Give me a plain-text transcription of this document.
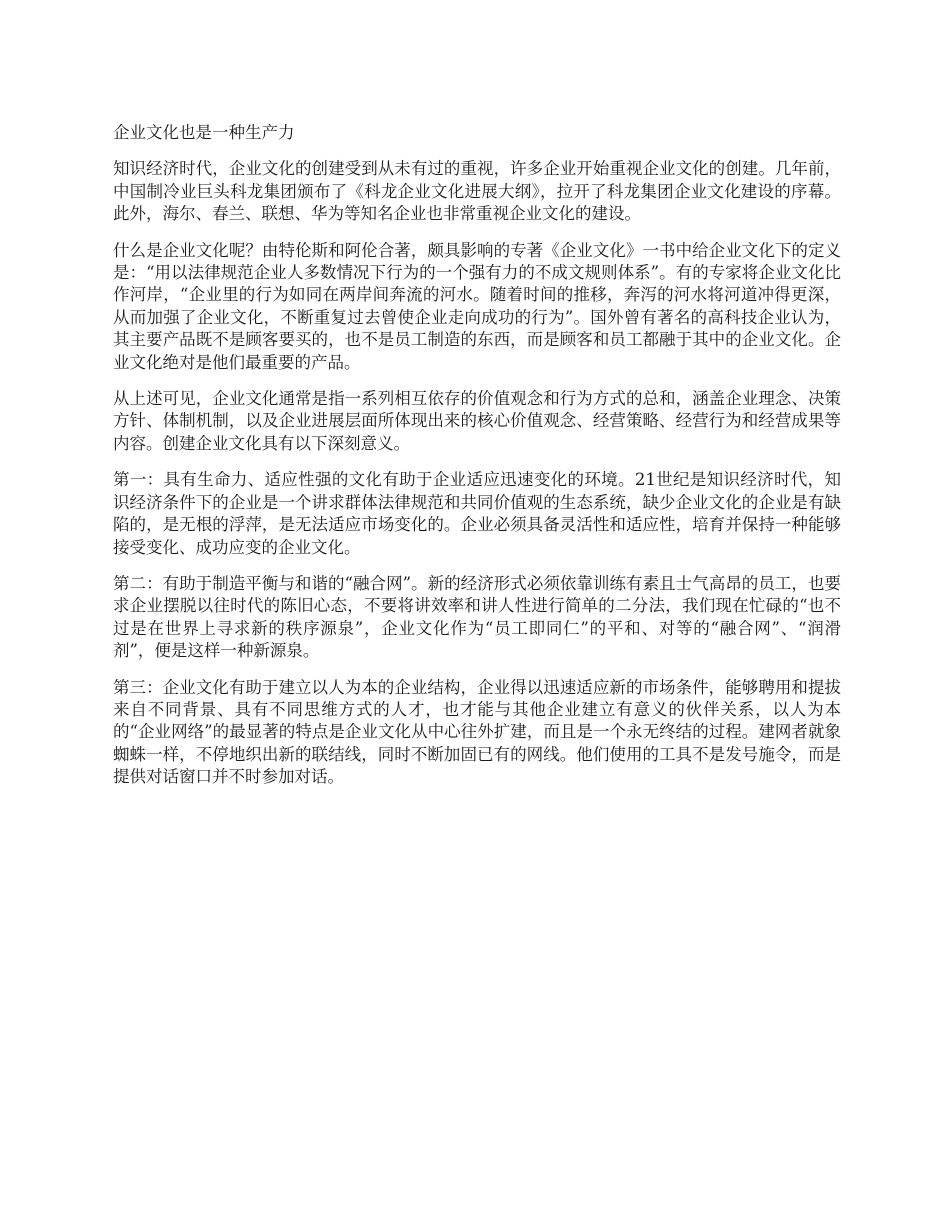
企业文化也是一种生产力

知识经济时代，企业文化的创建受到从未有过的重视，许多企业开始重视企业文化的创建。几年前，中国制冷业巨头科龙集团颁布了《科龙企业文化进展大纲》，拉开了科龙集团企业文化建设的序幕。此外，海尔、春兰、联想、华为等知名企业也非常重视企业文化的建设。

什么是企业文化呢？由特伦斯和阿伦合著，颇具影响的专著《企业文化》一书中给企业文化下的定义是：“用以法律规范企业人多数情况下行为的一个强有力的不成文规则体系”。有的专家将企业文化比作河岸，“企业里的行为如同在两岸间奔流的河水。随着时间的推移，奔泻的河水将河道冲得更深，从而加强了企业文化，不断重复过去曾使企业走向成功的行为”。国外曾有著名的高科技企业认为，其主要产品既不是顾客要买的，也不是员工制造的东西，而是顾客和员工都融于其中的企业文化。企业文化绝对是他们最重要的产品。

从上述可见，企业文化通常是指一系列相互依存的价值观念和行为方式的总和，涵盖企业理念、决策方针、体制机制，以及企业进展层面所体现出来的核心价值观念、经营策略、经营行为和经营成果等内容。创建企业文化具有以下深刻意义。

第一：具有生命力、适应性强的文化有助于企业适应迅速变化的环境。21世纪是知识经济时代，知识经济条件下的企业是一个讲求群体法律规范和共同价值观的生态系统，缺少企业文化的企业是有缺陷的，是无根的浮萍，是无法适应市场变化的。企业必须具备灵活性和适应性，培育并保持一种能够接受变化、成功应变的企业文化。

第二：有助于制造平衡与和谐的“融合网”。新的经济形式必须依靠训练有素且士气高昂的员工，也要求企业摆脱以往时代的陈旧心态，不要将讲效率和讲人性进行简单的二分法，我们现在忙碌的“也不过是在世界上寻求新的秩序源泉”，企业文化作为“员工即同仁”的平和、对等的“融合网”、“润滑剂”，便是这样一种新源泉。

第三：企业文化有助于建立以人为本的企业结构，企业得以迅速适应新的市场条件，能够聘用和提拔来自不同背景、具有不同思维方式的人才，也才能与其他企业建立有意义的伙伴关系，以人为本的“企业网络”的最显著的特点是企业文化从中心往外扩建，而且是一个永无终结的过程。建网者就象蜘蛛一样，不停地织出新的联结线，同时不断加固已有的网线。他们使用的工具不是发号施令，而是提供对话窗口并不时参加对话。
